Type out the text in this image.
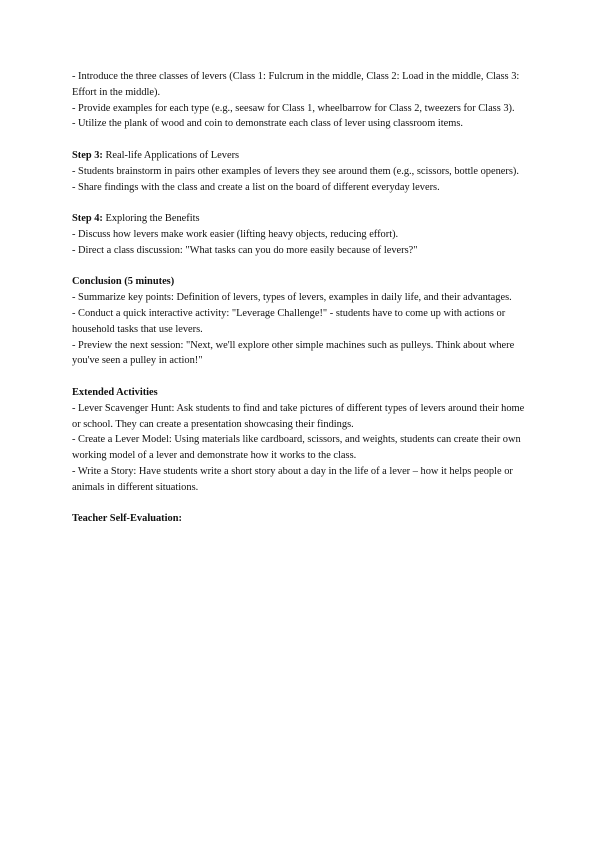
- Introduce the three classes of levers (Class 1: Fulcrum in the middle, Class 2: Load in the middle, Class 3: Effort in the middle).

- Provide examples for each type (e.g., seesaw for Class 1, wheelbarrow for Class 2, tweezers for Class 3).

- Utilize the plank of wood and coin to demonstrate each class of lever using classroom items.

Step 3: Real-life Applications of Levers

- Students brainstorm in pairs other examples of levers they see around them (e.g., scissors, bottle openers).

- Share findings with the class and create a list on the board of different everyday levers.

Step 4: Exploring the Benefits

- Discuss how levers make work easier (lifting heavy objects, reducing effort).

- Direct a class discussion: "What tasks can you do more easily because of levers?"

Conclusion (5 minutes)

- Summarize key points: Definition of levers, types of levers, examples in daily life, and their advantages.

- Conduct a quick interactive activity: "Leverage Challenge!" - students have to come up with actions or household tasks that use levers.

- Preview the next session: "Next, we'll explore other simple machines such as pulleys. Think about where you've seen a pulley in action!"

Extended Activities

- Lever Scavenger Hunt: Ask students to find and take pictures of different types of levers around their home or school. They can create a presentation showcasing their findings.

- Create a Lever Model: Using materials like cardboard, scissors, and weights, students can create their own working model of a lever and demonstrate how it works to the class.

- Write a Story: Have students write a short story about a day in the life of a lever – how it helps people or animals in different situations.

Teacher Self-Evaluation:
